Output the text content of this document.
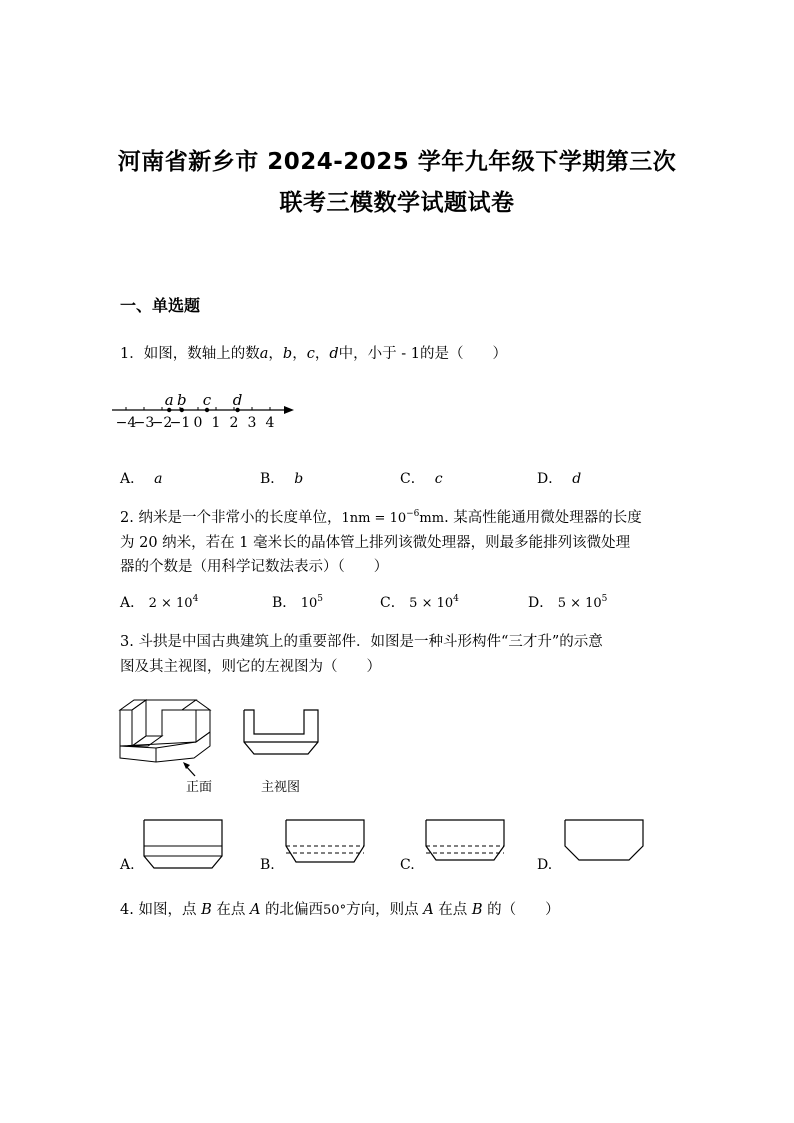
河南省新乡市 2024-2025 学年九年级下学期第三次
联考三模数学试题试卷
一、单选题
1．如图，数轴上的数a，b，c，d中，小于 - 1的是（　　）
−4
−3
−2
−1 0 1 2 3 4
a b c d
A． a	B． b	C． c	D． d
2. 纳米是一个非常小的长度单位，$1nm = 10^{-6}mm$. 某高性能通用微处理器的长度
为 20 纳米，若在 1 毫米长的晶体管上排列该微处理器，则最多能排列该微处理
器的个数是（用科学记数法表示）（　　）
A． $2 \times 10^4$	B． $10^5$	C． $5 \times 10^4$	D． $5 \times 10^5$
3. 斗拱是中国古典建筑上的重要部件．如图是一种斗形构件“三才升”的示意
图及其主视图，则它的左视图为（　　）
正面	主视图
A.	B.	C.	D.
4. 如图，点 B 在点 A 的北偏西50°方向，则点 A 在点 B 的（　　）
